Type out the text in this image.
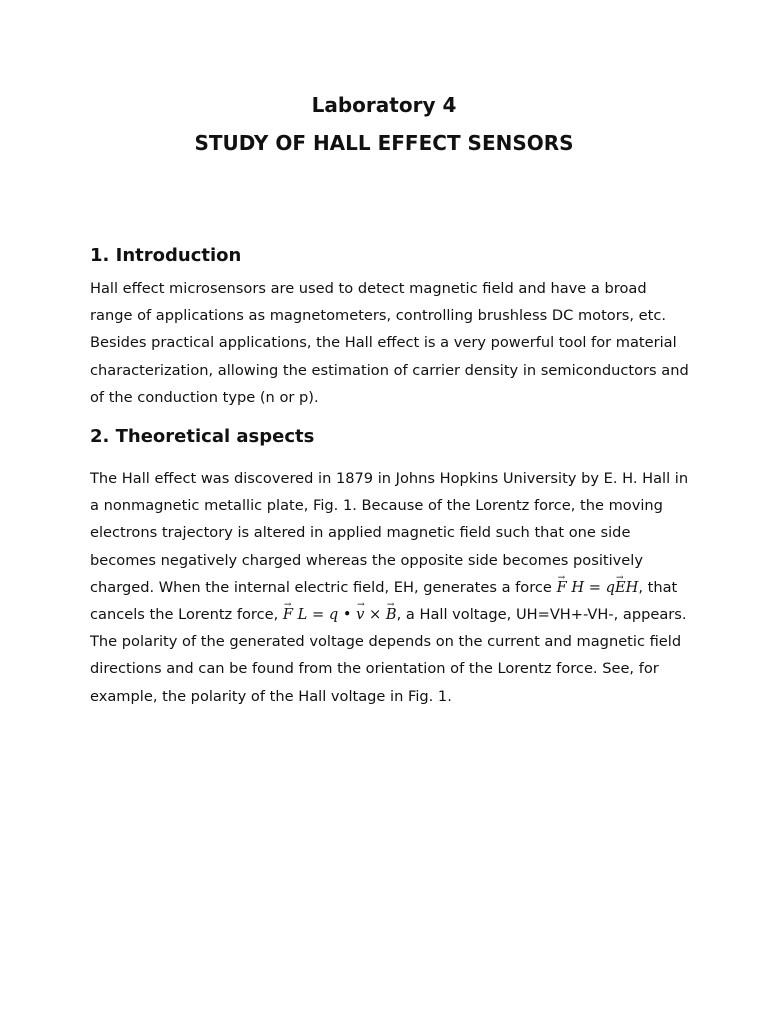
Laboratory 4
STUDY OF HALL EFFECT SENSORS
1. Introduction

Hall effect microsensors are used to detect magnetic field and have a broad range of applications as magnetometers, controlling brushless DC motors, etc. Besides practical applications, the Hall effect is a very powerful tool for material characterization, allowing the estimation of carrier density in semiconductors and of the conduction type (n or p).

2. Theoretical aspects

The Hall effect was discovered in 1879 in Johns Hopkins University by E. H. Hall in a nonmagnetic metallic plate, Fig. 1. Because of the Lorentz force, the moving electrons trajectory is altered in applied magnetic field such that one side becomes negatively charged whereas the opposite side becomes positively charged. When the internal electric field, EH, generates a force F → H = qE →H, that cancels the Lorentz force, F → L = q • v → × B →, a Hall voltage, UH=VH+-VH-, appears. The polarity of the generated voltage depends on the current and magnetic field directions and can be found from the orientation of the Lorentz force. See, for example, the polarity of the Hall voltage in Fig. 1.
